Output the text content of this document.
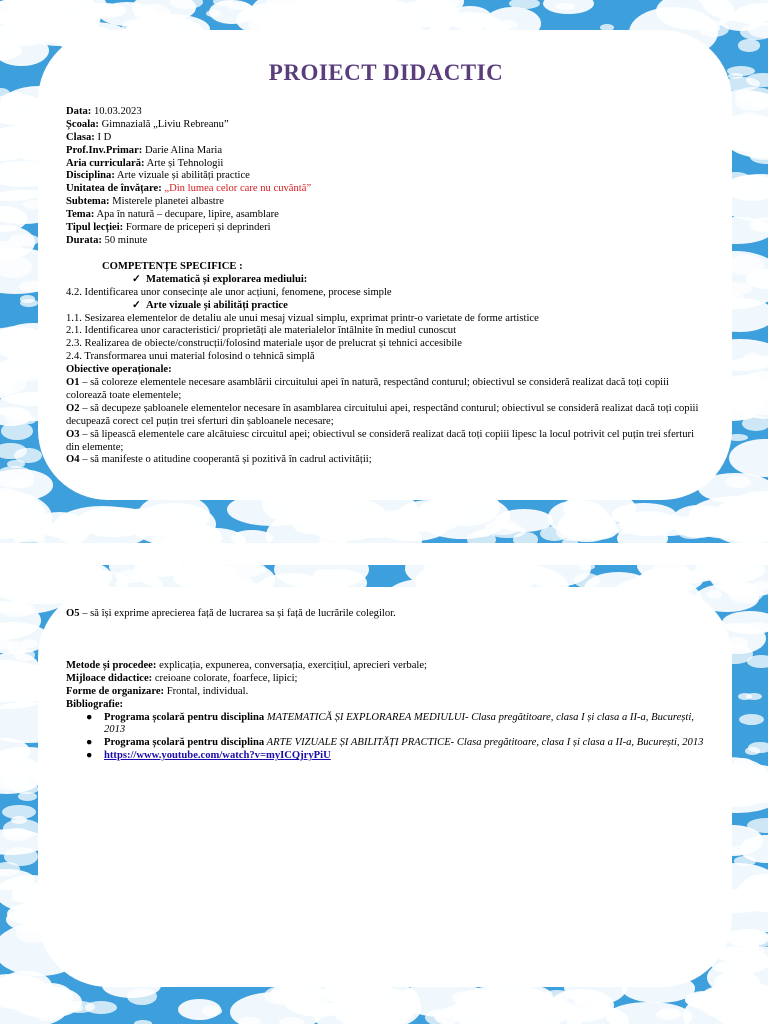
PROIECT DIDACTIC
Data: 10.03.2023
Școala: Gimnazială „Liviu Rebreanu”
Clasa: I D
Prof.Inv.Primar: Darie Alina Maria
Aria curriculară: Arte și Tehnologii
Disciplina: Arte vizuale și abilități practice
Unitatea de învățare: „Din lumea celor care nu cuvântă”
Subtema: Misterele planetei albastre
Tema: Apa în natură – decupare, lipire, asamblare
Tipul lecției: Formare de priceperi și deprinderi
Durata: 50 minute
COMPETENȚE SPECIFICE :
✓ Matematică și explorarea mediului:
4.2. Identificarea unor consecințe ale unor acțiuni, fenomene, procese simple
✓ Arte vizuale și abilități practice
1.1. Sesizarea elementelor de detaliu ale unui mesaj vizual simplu, exprimat printr-o varietate de forme artistice
2.1. Identificarea unor caracteristici/ proprietăți ale materialelor întâlnite în mediul cunoscut
2.3. Realizarea de obiecte/construcții/folosind materiale ușor de prelucrat și tehnici accesibile
2.4. Transformarea unui material folosind o tehnică simplă
Obiective operaționale:
O1 – să coloreze elementele necesare asamblării circuitului apei în natură, respectând conturul; obiectivul se consideră realizat dacă toți copiii colorează toate elementele;
O2 – să decupeze șabloanele elementelor necesare în asamblarea circuitului apei, respectând conturul; obiectivul se consideră realizat dacă toți copiii decupează corect cel puțin trei sferturi din șabloanele necesare;
O3 – să lipească elementele care alcătuiesc circuitul apei; obiectivul se consideră realizat dacă toți copiii lipesc la locul potrivit cel puțin trei sferturi din elemente;
O4 – să manifeste o atitudine cooperantă și pozitivă în cadrul activității;
O5 – să își exprime aprecierea față de lucrarea sa și față de lucrările colegilor.
Metode și procedee: explicația, expunerea, conversația, exercițiul, aprecieri verbale;
Mijloace didactice: creioane colorate, foarfece, lipici;
Forme de organizare: Frontal, individual.
Bibliografie:
● Programa școlară pentru disciplina MATEMATICĂ ȘI EXPLORAREA MEDIULUI- Clasa pregătitoare, clasa I și clasa a II-a, București, 2013
● Programa școlară pentru disciplina ARTE VIZUALE ȘI ABILITĂȚI PRACTICE- Clasa pregătitoare, clasa I și clasa a II-a, București, 2013
● https://www.youtube.com/watch?v=myICQjryPiU
